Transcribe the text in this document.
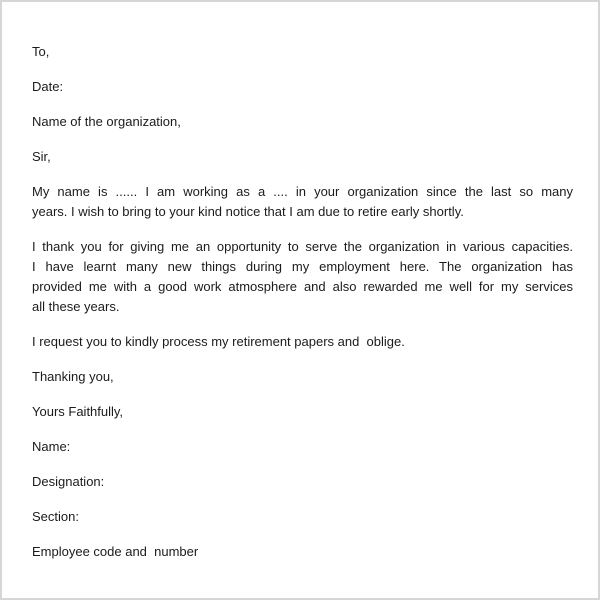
To,
Date:
Name of the organization,
Sir,
My name is ...... I am working as a .... in your organization since the last so many
years. I wish to bring to your kind notice that I am due to retire early shortly.
I thank you for giving me an opportunity to serve the organization in various capacities.
I have learnt many new things during my employment here. The organization has
provided me with a good work atmosphere and also rewarded me well for my services
all these years.
I request you to kindly process my retirement papers and  oblige.
Thanking you,
Yours Faithfully,
Name:
Designation:
Section:
Employee code and  number
